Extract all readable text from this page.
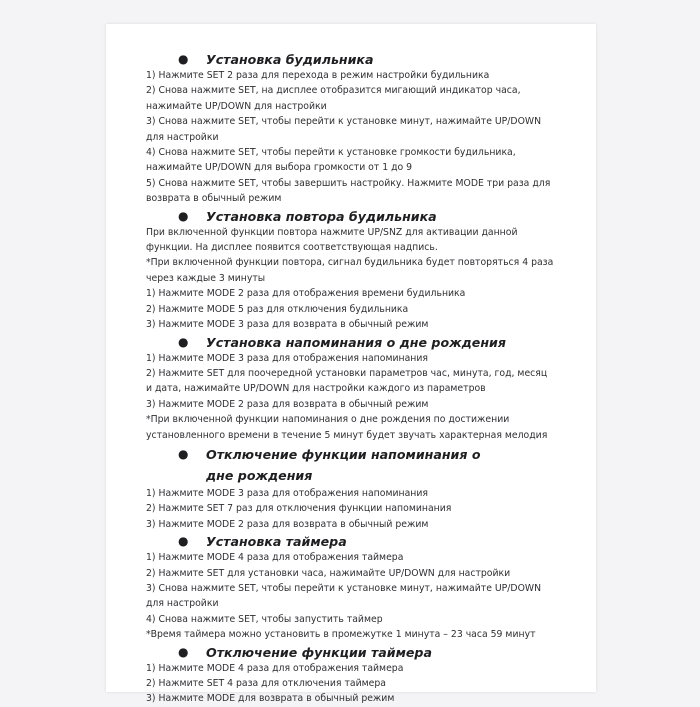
●	Установка будильника
1) Нажмите SET 2 раза для перехода в режим настройки будильника
2) Снова нажмите SET, на дисплее отобразится мигающий индикатор часа,
нажимайте UP/DOWN для настройки
3) Снова нажмите SET, чтобы перейти к установке минут, нажимайте UP/DOWN
для настройки
4) Снова нажмите SET, чтобы перейти к установке громкости будильника,
нажимайте UP/DOWN для выбора громкости от 1 до 9
5) Снова нажмите SET, чтобы завершить настройку. Нажмите MODE три раза для
возврата в обычный режим
●	Установка повтора будильника
При включенной функции повтора нажмите UP/SNZ для активации данной
функции. На дисплее появится соответствующая надпись.
*При включенной функции повтора, сигнал будильника будет повторяться 4 раза
через каждые 3 минуты
1) Нажмите MODE 2 раза для отображения времени будильника
2) Нажмите MODE 5 раз для отключения будильника
3) Нажмите MODE 3 раза для возврата в обычный режим
●	Установка напоминания о дне рождения
1) Нажмите MODE 3 раза для отображения напоминания
2) Нажмите SET для поочередной установки параметров час, минута, год, месяц
и дата, нажимайте UP/DOWN для настройки каждого из параметров
3) Нажмите MODE 2 раза для возврата в обычный режим
*При включенной функции напоминания о дне рождения по достижении
установленного времени в течение 5 минут будет звучать характерная мелодия
●	Отключение функции напоминания о дне рождения
1) Нажмите MODE 3 раза для отображения напоминания
2) Нажмите SET 7 раз для отключения функции напоминания
3) Нажмите MODE 2 раза для возврата в обычный режим
●	Установка таймера
1) Нажмите MODE 4 раза для отображения таймера
2) Нажмите SET для установки часа, нажимайте UP/DOWN для настройки
3) Снова нажмите SET, чтобы перейти к установке минут, нажимайте UP/DOWN
для настройки
4) Снова нажмите SET, чтобы запустить таймер
*Время таймера можно установить в промежутке 1 минута – 23 часа 59 минут
●	Отключение функции таймера
1) Нажмите MODE 4 раза для отображения таймера
2) Нажмите SET 4 раза для отключения таймера
3) Нажмите MODE для возврата в обычный режим
